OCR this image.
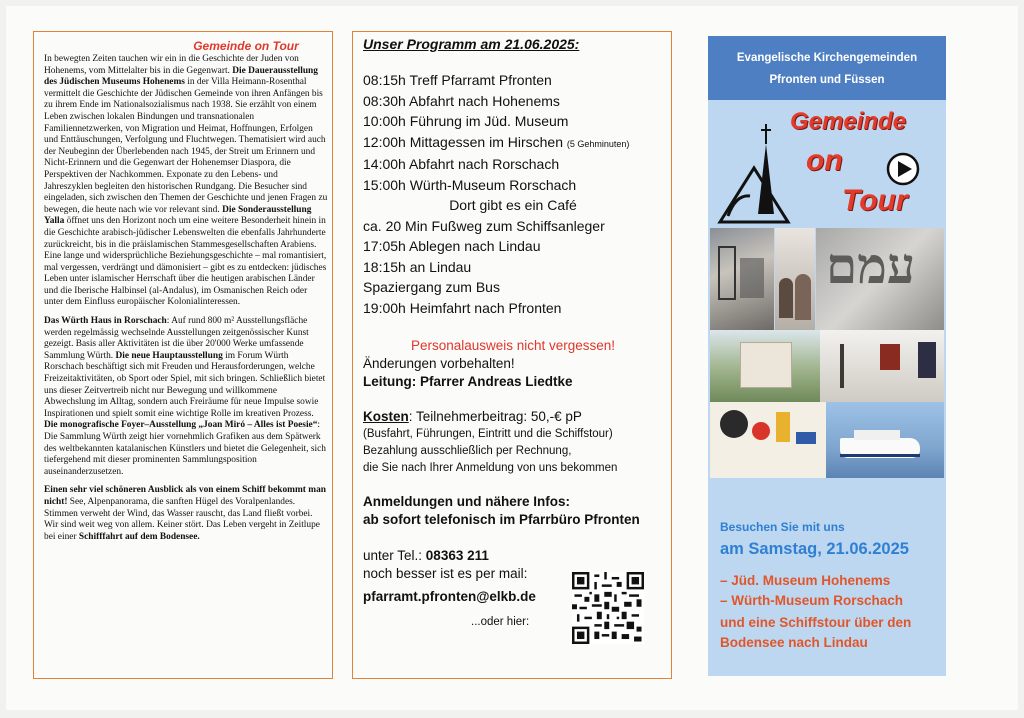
Gemeinde on Tour

In bewegten Zeiten tauchen wir ein in die Geschichte der Juden von Hohenems, vom Mittelalter bis in die Gegenwart. Die Dauerausstellung des Jüdischen Museums Hohenems in der Villa Heimann-Rosenthal vermittelt die Geschichte der Jüdischen Gemeinde von ihren Anfängen bis zu ihrem Ende im Nationalsozialismus nach 1938. Sie erzählt von einem Leben zwischen lokalen Bindungen und transnationalen Familiennetzwerken, von Migration und Heimat, Hoffnungen, Erfolgen und Enttäuschungen, Verfolgung und Fluchtwegen. Thematisiert wird auch der Neubeginn der Überlebenden nach 1945, der Streit um Erinnern und Nicht-Erinnern und die Gegenwart der Hohenemser Diaspora, die Perspektiven der Nachkommen. Exponate zu den Lebens- und Jahreszyklen begleiten den historischen Rundgang. Die Besucher sind eingeladen, sich zwischen den Themen der Geschichte und jenen Fragen zu bewegen, die heute nach wie vor relevant sind. Die Sonderausstellung Yalla öffnet uns den Horizont noch um eine weitere Besonderheit hinein in die Geschichte arabisch-jüdischer Lebenswelten die ebenfalls Jahrhunderte zurückreicht, bis in die präislamischen Stammesgesellschaften Arabiens. Eine lange und widersprüchliche Beziehungsgeschichte – mal romantisiert, mal vergessen, verdrängt und dämonisiert – gibt es zu entdecken: jüdisches Leben unter islamischer Herrschaft über die heutigen arabischen Länder und die Iberische Halbinsel (al-Andalus), im Osmanischen Reich oder unter dem Einfluss europäischer Kolonialinteressen.

Das Würth Haus in Rorschach: Auf rund 800 m² Ausstellungsfläche werden regelmässig wechselnde Ausstellungen zeitgenössischer Kunst gezeigt. Basis aller Aktivitäten ist die über 20'000 Werke umfassende Sammlung Würth. Die neue Hauptausstellung im Forum Würth Rorschach beschäftigt sich mit Freuden und Herausforderungen, welche Freizeitaktivitäten, ob Sport oder Spiel, mit sich bringen. Schließlich bietet uns dieser Zeitvertreib nicht nur Bewegung und willkommene Abwechslung im Alltag, sondern auch Freiräume für neue Impulse sowie Inspirationen und spielt somit eine wichtige Rolle im kreativen Prozess. Die monografische Foyer–Ausstellung „Joan Miró – Alles ist Poesie“: Die Sammlung Würth zeigt hier vornehmlich Grafiken aus dem Spätwerk des weltbekannten katalanischen Künstlers und bietet die Gelegenheit, sich tiefergehend mit dieser prominenten Sammlungsposition auseinanderzusetzen.

Einen sehr viel schöneren Ausblick als von einem Schiff bekommt man nicht! See, Alpenpanorama, die sanften Hügel des Voralpenlandes. Stimmen verweht der Wind, das Wasser rauscht, das Land fließt vorbei. Wir sind weit weg von allem. Keiner stört. Das Leben vergeht in Zeitlupe bei einer Schifffahrt auf dem Bodensee.

Unser Programm am 21.06.2025:
08:15h Treff Pfarramt Pfronten
08:30h Abfahrt nach Hohenems
10:00h Führung im Jüd. Museum
12:00h Mittagessen im Hirschen (5 Gehminuten)
14:00h Abfahrt nach Rorschach
15:00h Würth-Museum Rorschach
Dort gibt es ein Café
ca. 20 Min Fußweg zum Schiffsanleger
17:05h Ablegen nach Lindau
18:15h an Lindau
Spaziergang zum Bus
19:00h Heimfahrt nach Pfronten
Personalausweis nicht vergessen!
Änderungen vorbehalten!
Leitung: Pfarrer Andreas Liedtke
Kosten: Teilnehmerbeitrag: 50,-€ pP
(Busfahrt, Führungen, Eintritt und die Schiffstour)
Bezahlung ausschließlich per Rechnung,
die Sie nach Ihrer Anmeldung von uns bekommen
Anmeldungen und nähere Infos:
ab sofort telefonisch im Pfarrbüro Pfronten
unter Tel.: 08363 211
noch besser ist es per mail:
pfarramt.pfronten@elkb.de
...oder hier:
Evangelische Kirchengemeinden
Pfronten und Füssen
Gemeinde
on
Tour
עמם
Besuchen Sie mit uns
am Samstag, 21.06.2025
– Jüd. Museum Hohenems
– Würth-Museum Rorschach
und eine Schiffstour über den
Bodensee nach Lindau
